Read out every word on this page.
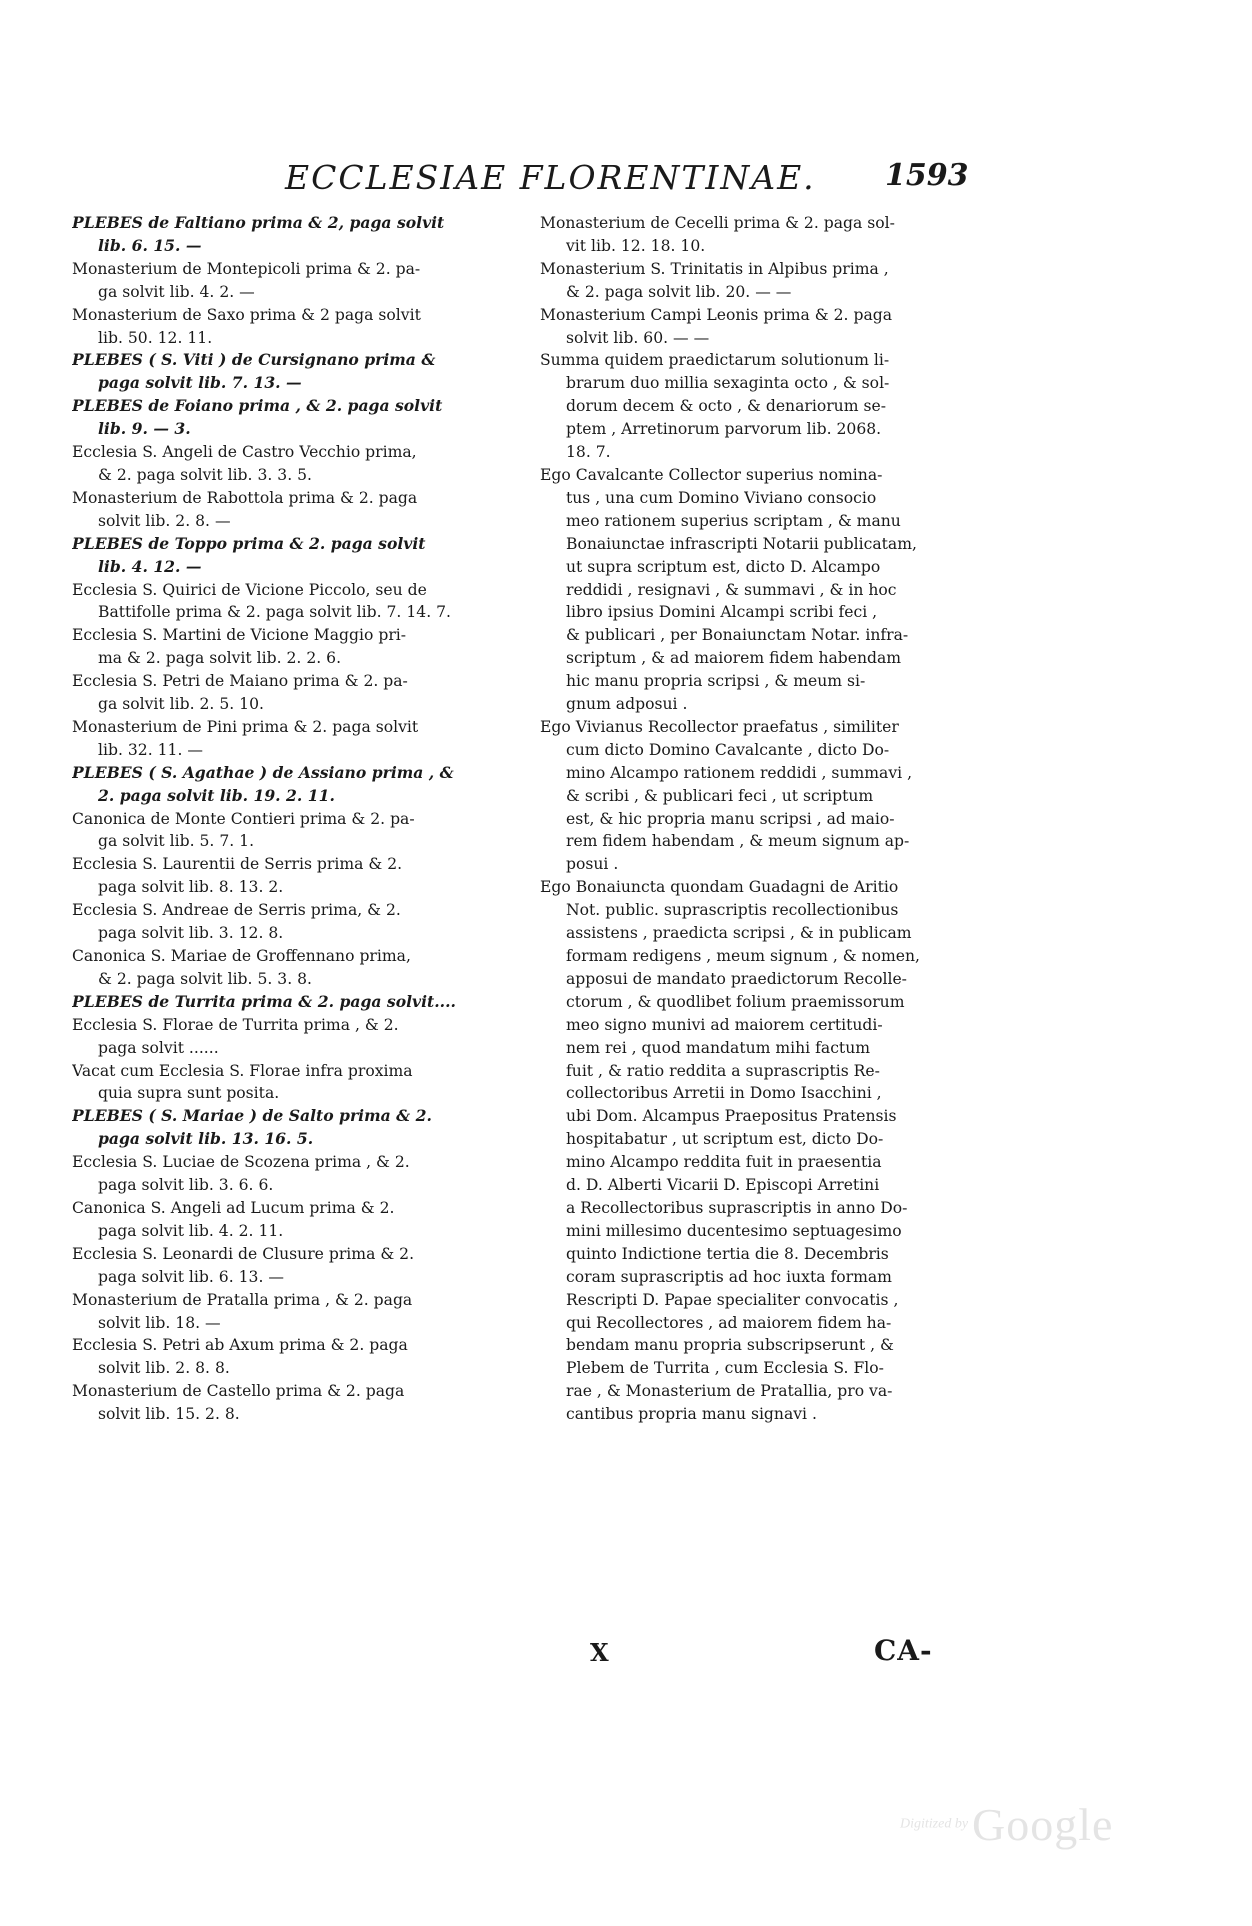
ECCLESIAE FLORENTINAE. 1593
PLEBES de Faltiano prima & 2, paga solvit
lib. 6. 15. —
Monasterium de Montepicoli prima & 2. pa-
ga solvit lib. 4. 2. —
Monasterium de Saxo prima & 2 paga solvit
lib. 50. 12. 11.
PLEBES ( S. Viti ) de Cursignano prima &
paga solvit lib. 7. 13. —
PLEBES de Foiano prima , & 2. paga solvit
lib. 9. — 3.
Ecclesia S. Angeli de Castro Vecchio prima,
& 2. paga solvit lib. 3. 3. 5.
Monasterium de Rabottola prima & 2. paga
solvit lib. 2. 8. —
PLEBES de Toppo prima & 2. paga solvit
lib. 4. 12. —
Ecclesia S. Quirici de Vicione Piccolo, seu de
Battifolle prima & 2. paga solvit lib. 7. 14. 7.
Ecclesia S. Martini de Vicione Maggio pri-
ma & 2. paga solvit lib. 2. 2. 6.
Ecclesia S. Petri de Maiano prima & 2. pa-
ga solvit lib. 2. 5. 10.
Monasterium de Pini prima & 2. paga solvit
lib. 32. 11. —
PLEBES ( S. Agathae ) de Assiano prima , &
2. paga solvit lib. 19. 2. 11.
Canonica de Monte Contieri prima & 2. pa-
ga solvit lib. 5. 7. 1.
Ecclesia S. Laurentii de Serris prima & 2.
paga solvit lib. 8. 13. 2.
Ecclesia S. Andreae de Serris prima, & 2.
paga solvit lib. 3. 12. 8.
Canonica S. Mariae de Groffennano prima,
& 2. paga solvit lib. 5. 3. 8.
PLEBES de Turrita prima & 2. paga solvit....
Ecclesia S. Florae de Turrita prima , & 2.
paga solvit ......
Vacat cum Ecclesia S. Florae infra proxima
quia supra sunt posita.
PLEBES ( S. Mariae ) de Salto prima & 2.
paga solvit lib. 13. 16. 5.
Ecclesia S. Luciae de Scozena prima , & 2.
paga solvit lib. 3. 6. 6.
Canonica S. Angeli ad Lucum prima & 2.
paga solvit lib. 4. 2. 11.
Ecclesia S. Leonardi de Clusure prima & 2.
paga solvit lib. 6. 13. —
Monasterium de Pratalla prima , & 2. paga
solvit lib. 18. —
Ecclesia S. Petri ab Axum prima & 2. paga
solvit lib. 2. 8. 8.
Monasterium de Castello prima & 2. paga
solvit lib. 15. 2. 8.
Monasterium de Cecelli prima & 2. paga sol-
vit lib. 12. 18. 10.
Monasterium S. Trinitatis in Alpibus prima ,
& 2. paga solvit lib. 20. — —
Monasterium Campi Leonis prima & 2. paga
solvit lib. 60. — —
Summa quidem praedictarum solutionum li-
brarum duo millia sexaginta octo , & sol-
dorum decem & octo , & denariorum se-
ptem , Arretinorum parvorum lib. 2068.
18. 7.
Ego Cavalcante Collector superius nomina-
tus , una cum Domino Viviano consocio
meo rationem superius scriptam , & manu
Bonaiunctae infrascripti Notarii publicatam,
ut supra scriptum est, dicto D. Alcampo
reddidi , resignavi , & summavi , & in hoc
libro ipsius Domini Alcampi scribi feci ,
& publicari , per Bonaiunctam Notar. infra-
scriptum , & ad maiorem fidem habendam
hic manu propria scripsi , & meum si-
gnum adposui .
Ego Vivianus Recollector praefatus , similiter
cum dicto Domino Cavalcante , dicto Do-
mino Alcampo rationem reddidi , summavi ,
& scribi , & publicari feci , ut scriptum
est, & hic propria manu scripsi , ad maio-
rem fidem habendam , & meum signum ap-
posui .
Ego Bonaiuncta quondam Guadagni de Aritio
Not. public. suprascriptis recollectionibus
assistens , praedicta scripsi , & in publicam
formam redigens , meum signum , & nomen,
apposui de mandato praedictorum Recolle-
ctorum , & quodlibet folium praemissorum
meo signo munivi ad maiorem certitudi-
nem rei , quod mandatum mihi factum
fuit , & ratio reddita a suprascriptis Re-
collectoribus Arretii in Domo Isacchini ,
ubi Dom. Alcampus Praepositus Pratensis
hospitabatur , ut scriptum est, dicto Do-
mino Alcampo reddita fuit in praesentia
d. D. Alberti Vicarii D. Episcopi Arretini
a Recollectoribus suprascriptis in anno Do-
mini millesimo ducentesimo septuagesimo
quinto Indictione tertia die 8. Decembris
coram suprascriptis ad hoc iuxta formam
Rescripti D. Papae specialiter convocatis ,
qui Recollectores , ad maiorem fidem ha-
bendam manu propria subscripserunt , &
Plebem de Turrita , cum Ecclesia S. Flo-
rae , & Monasterium de Pratallia, pro va-
cantibus propria manu signavi .
X	CA-
Digitized by Google
